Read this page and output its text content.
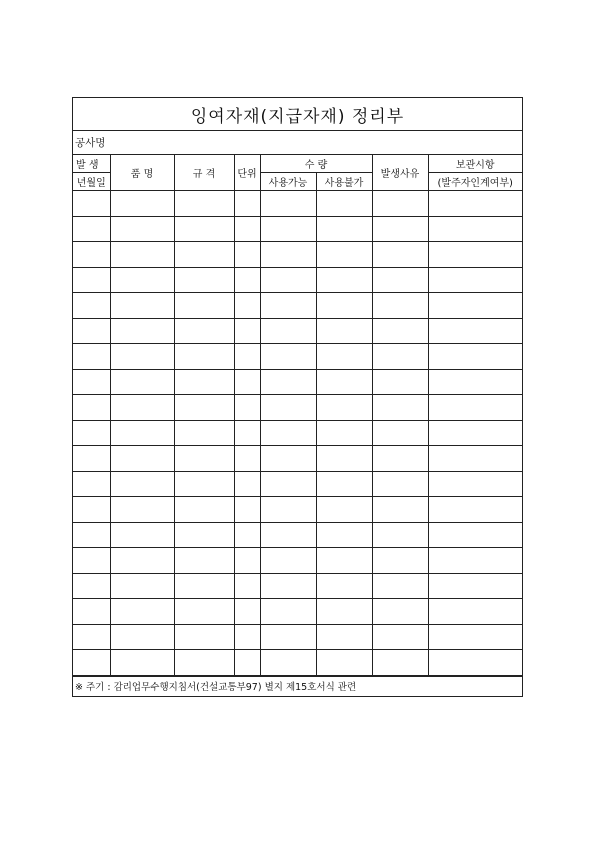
잉여자재(지급자재) 정리부
공사명
발 생	품 명	규 격	단위	수 량		발생사유	보관시항
년월일				사용가능	사용불가		(발주자인계여부)

※ 주기 : 감리업무수행지침서(건설교통부97) 별지 제15호서식 관련
